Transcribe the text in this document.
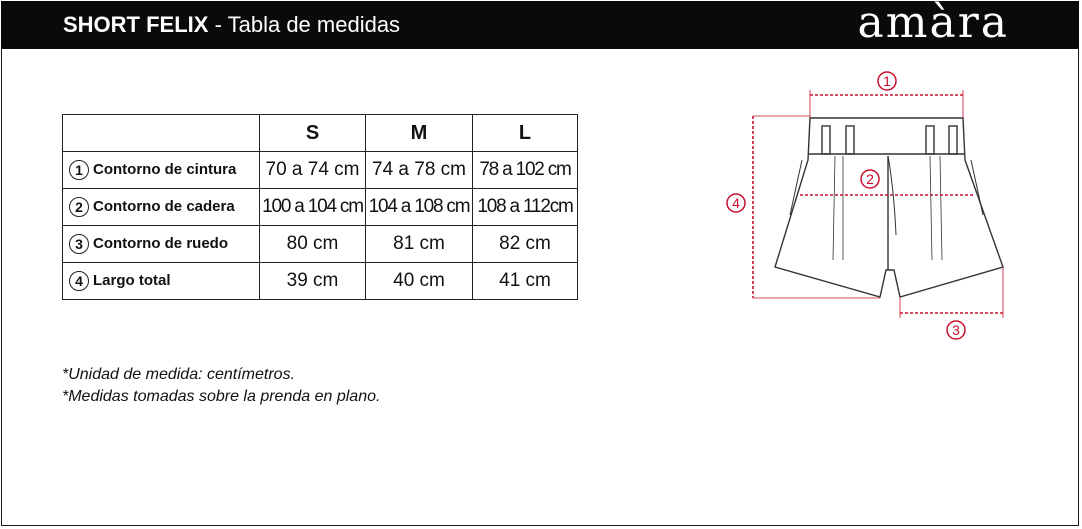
SHORT FELIX - Tabla de medidas	amàra
	S	M	L
1 Contorno de cintura	70 a 74 cm	74 a 78 cm	78 a 102 cm
2 Contorno de cadera	100 a 104 cm	104 a 108 cm	108 a 112cm
3 Contorno de ruedo	80 cm	81 cm	82 cm
4 Largo total	39 cm	40 cm	41 cm
*Unidad de medida: centímetros.
*Medidas tomadas sobre la prenda en plano.
1
2
3
4
